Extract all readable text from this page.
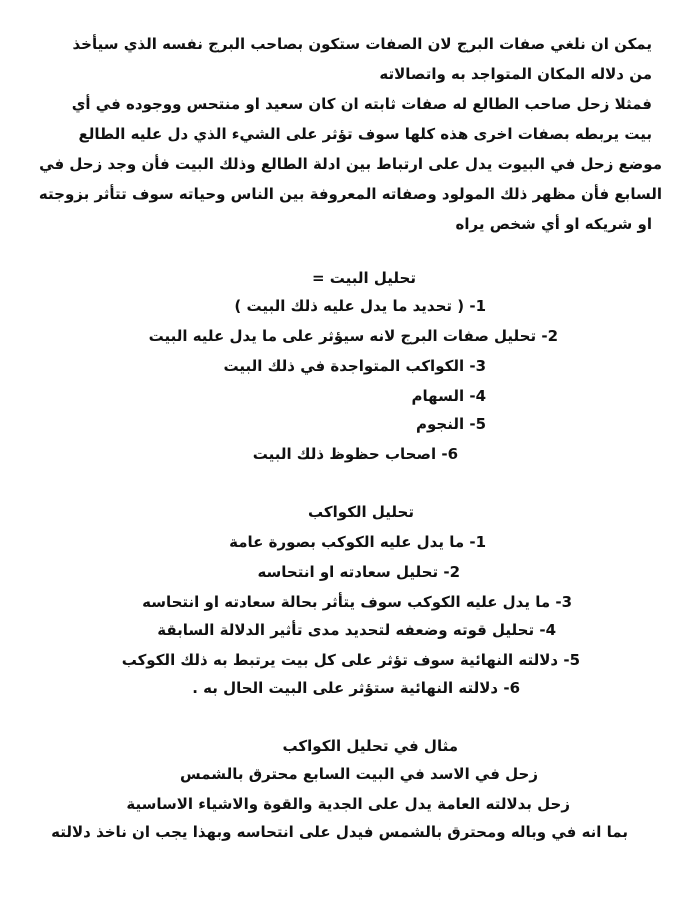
يمكن ان نلغي صفات البرج لان الصفات ستكون بصاحب البرج نفسه الذي سيأخذ
من دلاله المكان المتواجد به واتصالاته
فمثلا زحل صاحب الطالع له صفات ثابته ان كان سعيد او منتحس ووجوده في أي
بيت يربطه بصفات اخرى هذه كلها سوف تؤثر على الشيء الذي دل عليه الطالع
موضع زحل في البيوت يدل على ارتباط بين ادلة الطالع وذلك البيت فأن وجد زحل في
السابع فأن مظهر ذلك المولود وصفاته المعروفة بين الناس وحياته سوف تتأثر بزوجته
او شريكه او أي شخص يراه
تحليل البيت =
1- ( تحديد ما يدل عليه ذلك البيت )
2- تحليل صفات البرج لانه سيؤثر على ما يدل عليه البيت
3- الكواكب المتواجدة في ذلك البيت
4- السهام
5- النجوم
6- اصحاب حظوظ ذلك البيت
تحليل الكواكب
1- ما يدل عليه الكوكب بصورة عامة
2- تحليل سعادته او انتحاسه
3- ما يدل عليه الكوكب سوف يتأثر بحالة سعادته او انتحاسه
4- تحليل قوته وضعفه لتحديد مدى تأثير الدلالة السابقة
5- دلالته النهائية سوف تؤثر على كل بيت يرتبط به ذلك الكوكب
6- دلالته النهائية ستؤثر على البيت الحال به .
مثال في تحليل الكواكب
زحل في الاسد في البيت السابع محترق بالشمس
زحل بدلالته العامة يدل على الجدية والقوة والاشياء الاساسية
بما انه في وباله ومحترق بالشمس فيدل على انتحاسه وبهذا يجب ان ناخذ دلالته
